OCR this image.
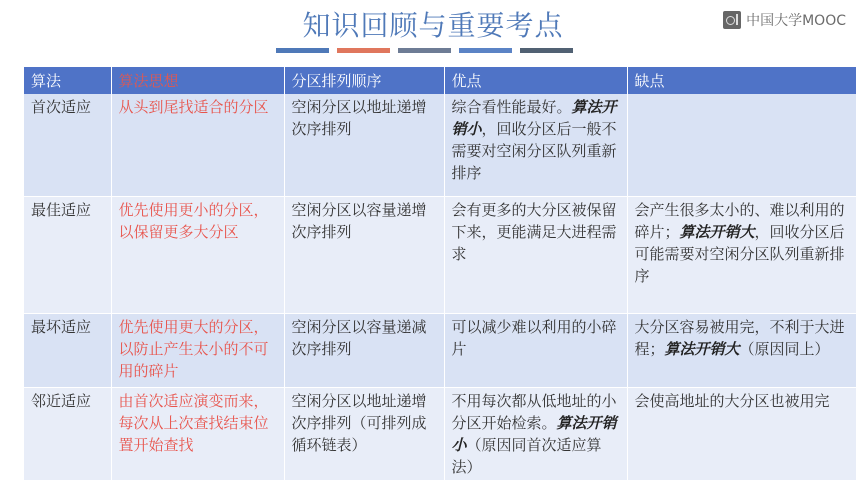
知识回顾与重要考点	中国大学MOOC
算法	算法思想	分区排列顺序	优点	缺点
首次适应	从头到尾找适合的分区	空闲分区以地址递增次序排列	综合看性能最好。算法开销小，回收分区后一般不需要对空闲分区队列重新排序	
最佳适应	优先使用更小的分区，以保留更多大分区	空闲分区以容量递增次序排列	会有更多的大分区被保留下来，更能满足大进程需求	会产生很多太小的、难以利用的碎片；算法开销大，回收分区后可能需要对空闲分区队列重新排序
最坏适应	优先使用更大的分区，以防止产生太小的不可用的碎片	空闲分区以容量递减次序排列	可以减少难以利用的小碎片	大分区容易被用完，不利于大进程；算法开销大（原因同上）
邻近适应	由首次适应演变而来，每次从上次查找结束位置开始查找	空闲分区以地址递增次序排列（可排列成循环链表）	不用每次都从低地址的小分区开始检索。算法开销小（原因同首次适应算法）	会使高地址的大分区也被用完
